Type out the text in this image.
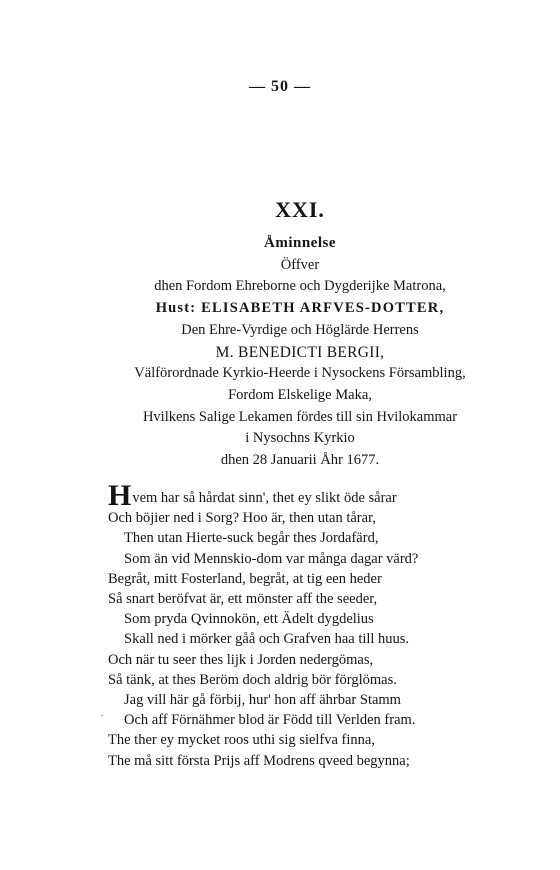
— 50 —
XXI.
Åminnelse
Öffver
dhen Fordom Ehreborne och Dygderijke Matrona,
Hust: ELISABETH ARFVES-DOTTER,
Den Ehre-Vyrdige och Höglärde Herrens
M. BENEDICTI BERGII,
Välförordnade Kyrkio-Heerde i Nysockens Försambling,
Fordom Elskelige Maka,
Hvilkens Salige Lekamen fördes till sin Hvilokammar
i Nysochns Kyrkio
dhen 28 Januarii Åhr 1677.
´
Hvem har så hårdat sinn', thet ey slikt öde sårar
Och böjier ned i Sorg? Hoo är, then utan tårar,
Then utan Hierte-suck begår thes Jordafärd,
Som än vid Mennskio-dom var många dagar värd?
Begråt, mitt Fosterland, begråt, at tig een heder
Så snart beröfvat är, ett mönster aff the seeder,
Som pryda Qvinnokön, ett Ädelt dygdelius
Skall ned i mörker gåå och Grafven haa till huus.
Och när tu seer thes lijk i Jorden nedergömas,
Så tänk, at thes Beröm doch aldrig bör förglömas.
Jag vill här gå förbij, hur' hon aff ährbar Stamm
Och aff Förnähmer blod är Född till Verlden fram.
The ther ey mycket roos uthi sig sielfva finna,
The må sitt första Prijs aff Modrens qveed begynna;
